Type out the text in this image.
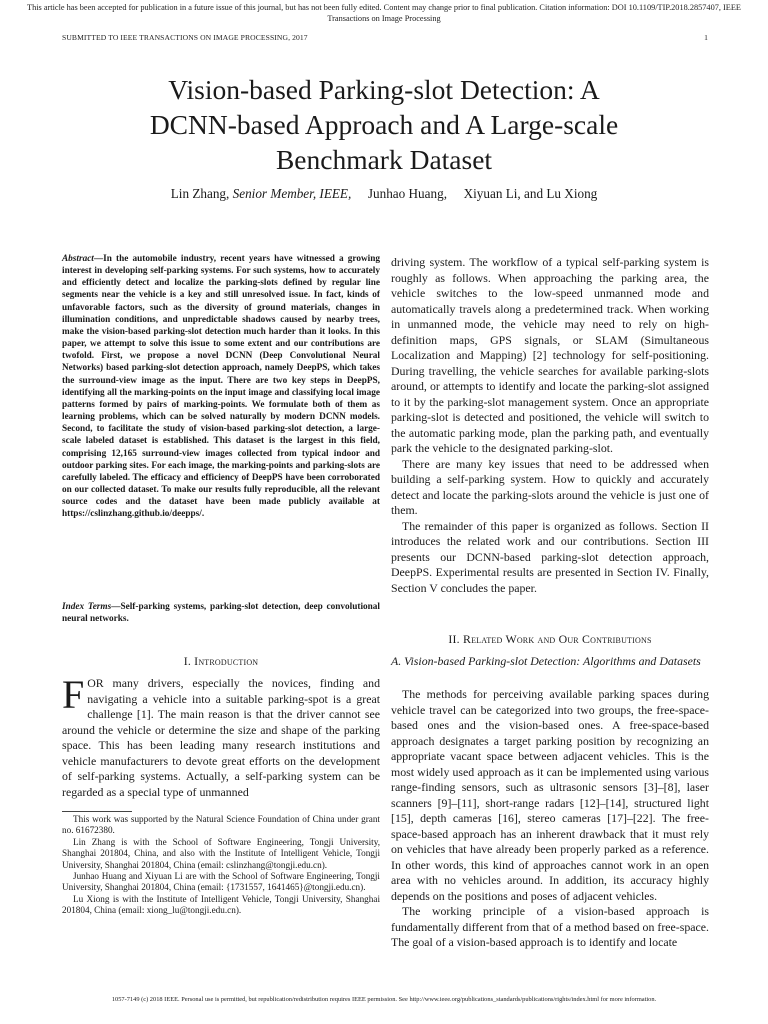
This article has been accepted for publication in a future issue of this journal, but has not been fully edited. Content may change prior to final publication. Citation information: DOI 10.1109/TIP.2018.2857407, IEEE Transactions on Image Processing
SUBMITTED TO IEEE TRANSACTIONS ON IMAGE PROCESSING, 2017	1
Vision-based Parking-slot Detection: A
DCNN-based Approach and A Large-scale
Benchmark Dataset
Lin Zhang, Senior Member, IEEE, Junhao Huang, Xiyuan Li, and Lu Xiong

Abstract—In the automobile industry, recent years have witnessed a growing interest in developing self-parking systems. For such systems, how to accurately and efficiently detect and localize the parking-slots defined by regular line segments near the vehicle is a key and still unresolved issue. In fact, kinds of unfavorable factors, such as the diversity of ground materials, changes in illumination conditions, and unpredictable shadows caused by nearby trees, make the vision-based parking-slot detection much harder than it looks. In this paper, we attempt to solve this issue to some extent and our contributions are twofold. First, we propose a novel DCNN (Deep Convolutional Neural Networks) based parking-slot detection approach, namely DeepPS, which takes the surround-view image as the input. There are two key steps in DeepPS, identifying all the marking-points on the input image and classifying local image patterns formed by pairs of marking-points. We formulate both of them as learning problems, which can be solved naturally by modern DCNN models. Second, to facilitate the study of vision-based parking-slot detection, a large-scale labeled dataset is established. This dataset is the largest in this field, comprising 12,165 surround-view images collected from typical indoor and outdoor parking sites. For each image, the marking-points and parking-slots are carefully labeled. The efficacy and efficiency of DeepPS have been corroborated on our collected dataset. To make our results fully reproducible, all the relevant source codes and the dataset have been made publicly available at https://cslinzhang.github.io/deepps/.

Index Terms—Self-parking systems, parking-slot detection, deep convolutional neural networks.
I. Introduction

FOR many drivers, especially the novices, finding and navigating a vehicle into a suitable parking-spot is a great challenge [1]. The main reason is that the driver cannot see around the vehicle or determine the size and shape of the parking space. This has been leading many research institutions and vehicle manufacturers to devote great efforts on the development of self-parking systems. Actually, a self-parking system can be regarded as a special type of unmanned

This work was supported by the Natural Science Foundation of China under grant no. 61672380.

Lin Zhang is with the School of Software Engineering, Tongji University, Shanghai 201804, China, and also with the Institute of Intelligent Vehicle, Tongji University, Shanghai 201804, China (email: cslinzhang@tongji.edu.cn).

Junhao Huang and Xiyuan Li are with the School of Software Engineering, Tongji University, Shanghai 201804, China (email: {1731557, 1641465}@tongji.edu.cn).

Lu Xiong is with the Institute of Intelligent Vehicle, Tongji University, Shanghai 201804, China (email: xiong_lu@tongji.edu.cn).

driving system. The workflow of a typical self-parking system is roughly as follows. When approaching the parking area, the vehicle switches to the low-speed unmanned mode and automatically travels along a predetermined track. When working in unmanned mode, the vehicle may need to rely on high-definition maps, GPS signals, or SLAM (Simultaneous Localization and Mapping) [2] technology for self-positioning. During travelling, the vehicle searches for available parking-slots around, or attempts to identify and locate the parking-slot assigned to it by the parking-slot management system. Once an appropriate parking-slot is detected and positioned, the vehicle will switch to the automatic parking mode, plan the parking path, and eventually park the vehicle to the designated parking-slot.

There are many key issues that need to be addressed when building a self-parking system. How to quickly and accurately detect and locate the parking-slots around the vehicle is just one of them.

The remainder of this paper is organized as follows. Section II introduces the related work and our contributions. Section III presents our DCNN-based parking-slot detection approach, DeepPS. Experimental results are presented in Section IV. Finally, Section V concludes the paper.

II. Related Work and Our Contributions
A. Vision-based Parking-slot Detection: Algorithms and Datasets

The methods for perceiving available parking spaces during vehicle travel can be categorized into two groups, the free-space-based ones and the vision-based ones. A free-space-based approach designates a target parking position by recognizing an appropriate vacant space between adjacent vehicles. This is the most widely used approach as it can be implemented using various range-finding sensors, such as ultrasonic sensors [3]–[8], laser scanners [9]–[11], short-range radars [12]–[14], structured light [15], depth cameras [16], stereo cameras [17]–[22]. The free-space-based approach has an inherent drawback that it must rely on vehicles that have already been properly parked as a reference. In other words, this kind of approaches cannot work in an open area with no vehicles around. In addition, its accuracy highly depends on the positions and poses of adjacent vehicles.

The working principle of a vision-based approach is fundamentally different from that of a method based on free-space. The goal of a vision-based approach is to identify and locate

1057-7149 (c) 2018 IEEE. Personal use is permitted, but republication/redistribution requires IEEE permission. See http://www.ieee.org/publications_standards/publications/rights/index.html for more information.
